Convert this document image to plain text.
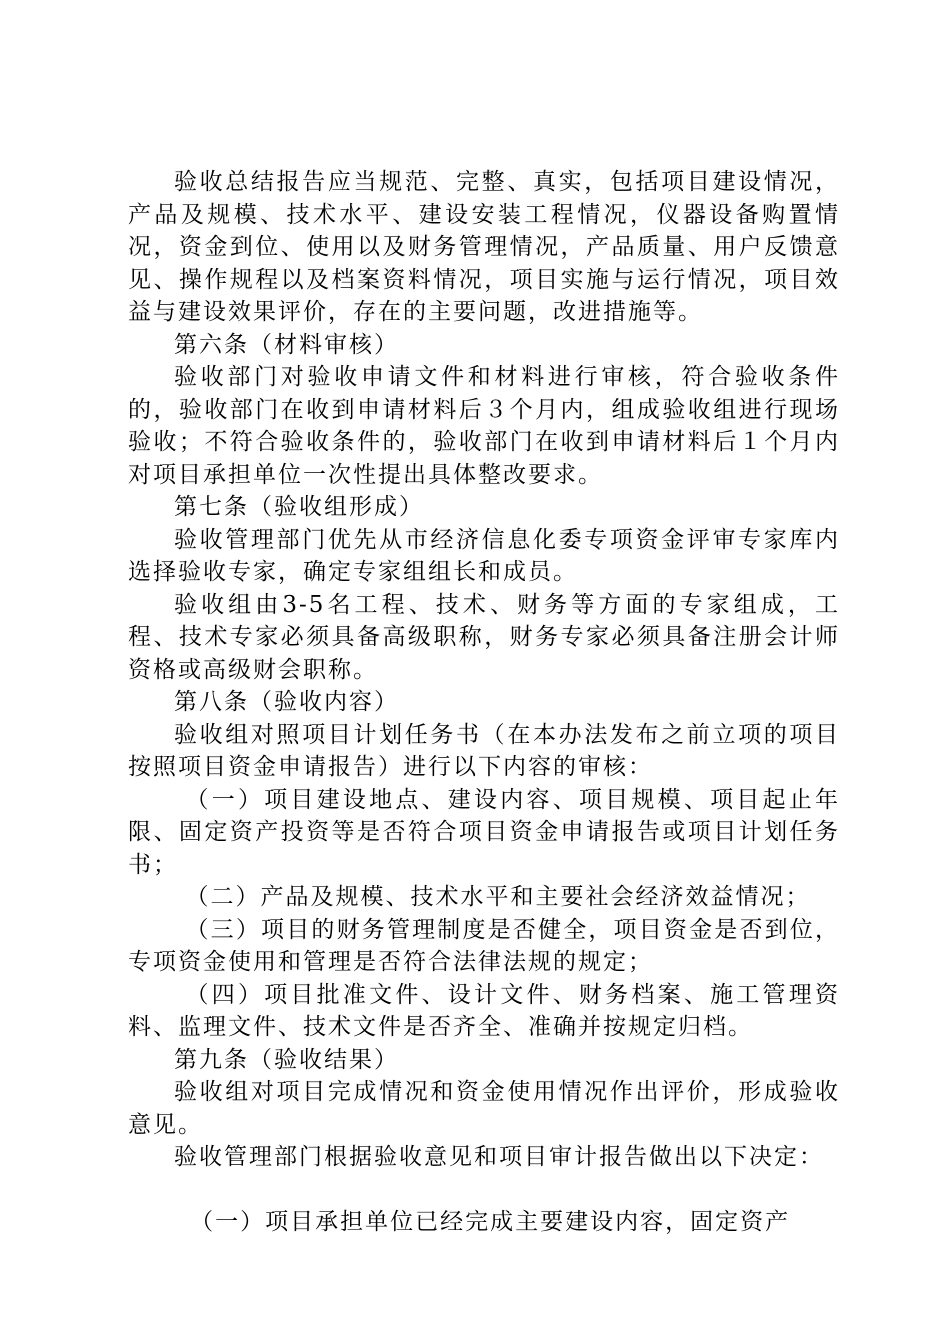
验收总结报告应当规范、完整、真实，包括项目建设情况，产品及规模、技术水平、建设安装工程情况，仪器设备购置情况，资金到位、使用以及财务管理情况，产品质量、用户反馈意见、操作规程以及档案资料情况，项目实施与运行情况，项目效益与建设效果评价，存在的主要问题，改进措施等。

第六条（材料审核）

验收部门对验收申请文件和材料进行审核，符合验收条件的，验收部门在收到申请材料后３个月内，组成验收组进行现场验收；不符合验收条件的，验收部门在收到申请材料后１个月内对项目承担单位一次性提出具体整改要求。

第七条（验收组形成）

验收管理部门优先从市经济信息化委专项资金评审专家库内选择验收专家，确定专家组组长和成员。

验收组由3-5名工程、技术、财务等方面的专家组成，工程、技术专家必须具备高级职称，财务专家必须具备注册会计师资格或高级财会职称。

第八条（验收内容）

验收组对照项目计划任务书（在本办法发布之前立项的项目按照项目资金申请报告）进行以下内容的审核：

（一）项目建设地点、建设内容、项目规模、项目起止年限、固定资产投资等是否符合项目资金申请报告或项目计划任务书；

（二）产品及规模、技术水平和主要社会经济效益情况；

（三）项目的财务管理制度是否健全，项目资金是否到位，专项资金使用和管理是否符合法律法规的规定；

（四）项目批准文件、设计文件、财务档案、施工管理资料、监理文件、技术文件是否齐全、准确并按规定归档。

第九条（验收结果）

验收组对项目完成情况和资金使用情况作出评价，形成验收意见。

验收管理部门根据验收意见和项目审计报告做出以下决定：

（一）项目承担单位已经完成主要建设内容，固定资产
